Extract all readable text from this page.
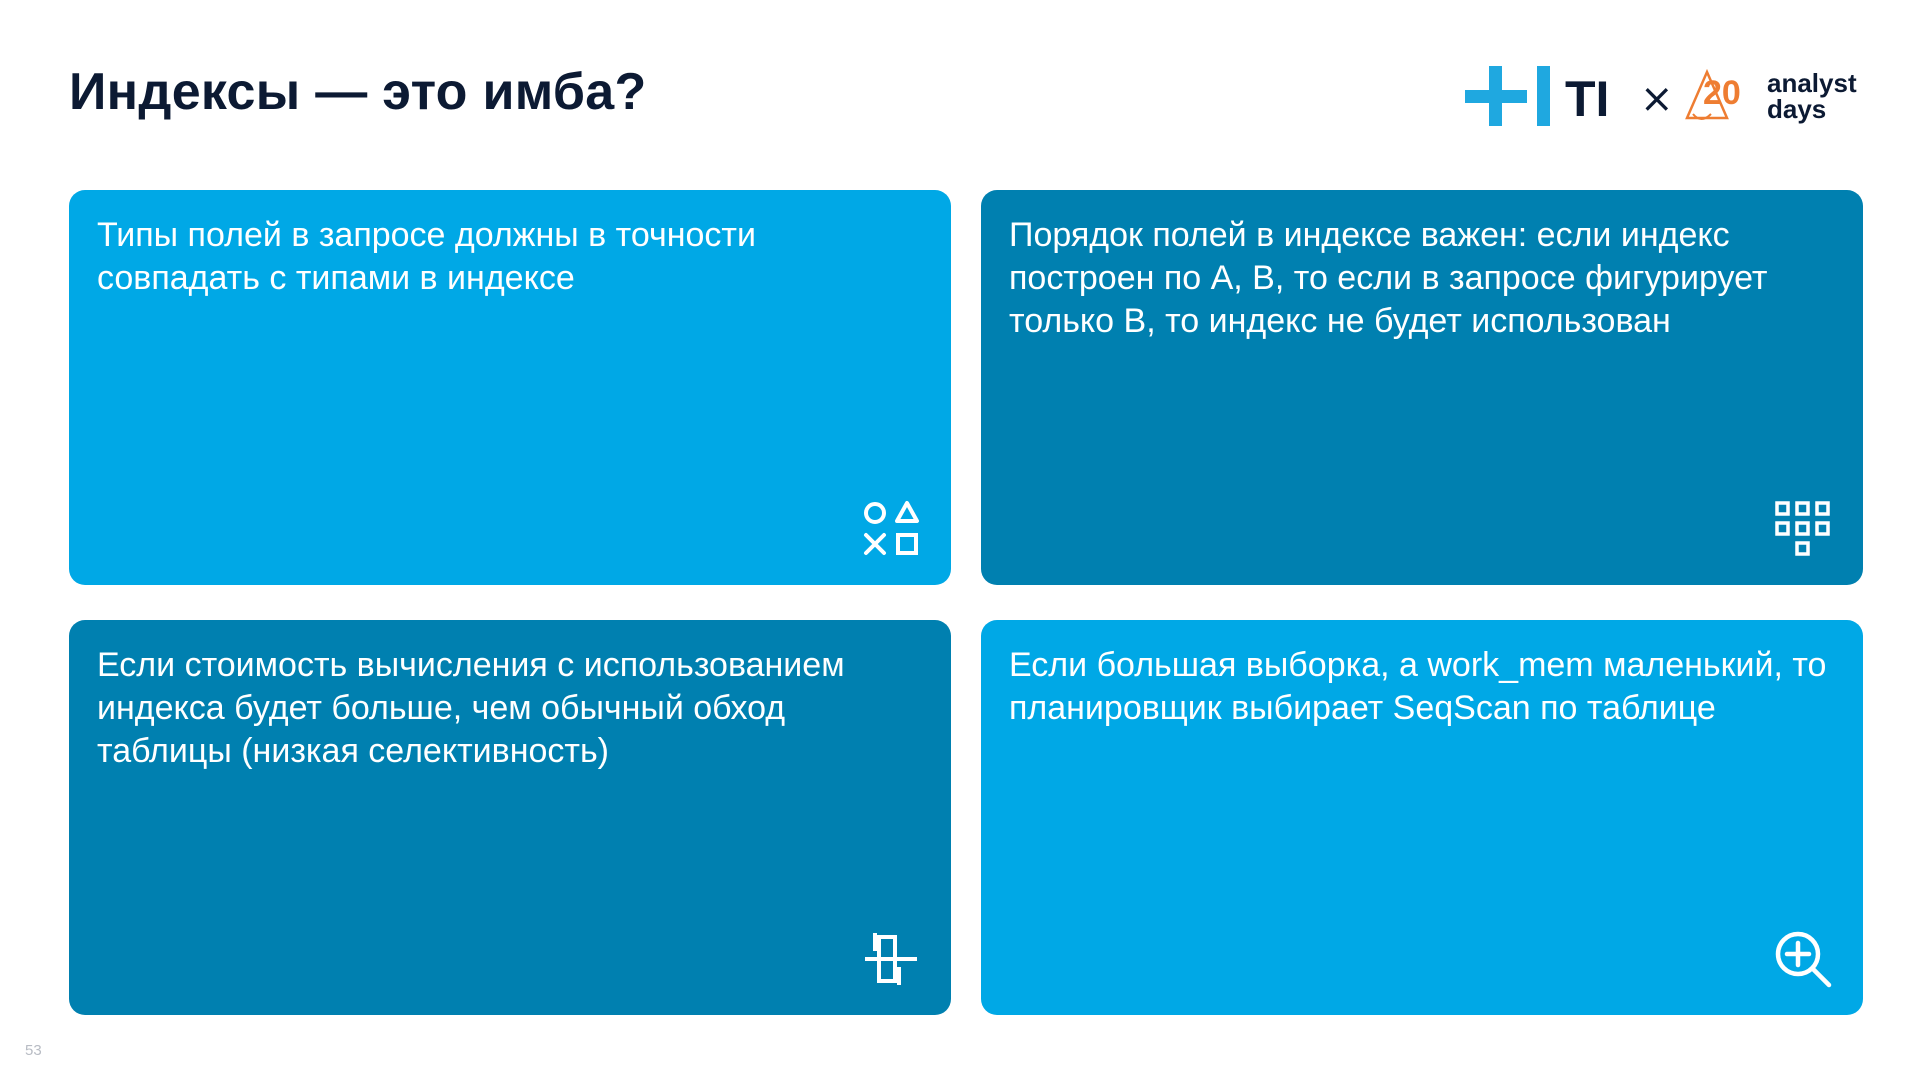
Индексы — это имба?	TI × 20 analyst
days
Типы полей в запросе должны в точности совпадать с типами в индексе
Порядок полей в индексе важен: если индекс построен по A, B, то если в запросе фигурирует только B, то индекс не будет использован
Если стоимость вычисления с использованием индекса будет больше, чем обычный обход таблицы (низкая селективность)
Если большая выборка, а work_mem маленький, то планировщик выбирает SeqScan по таблице
53
